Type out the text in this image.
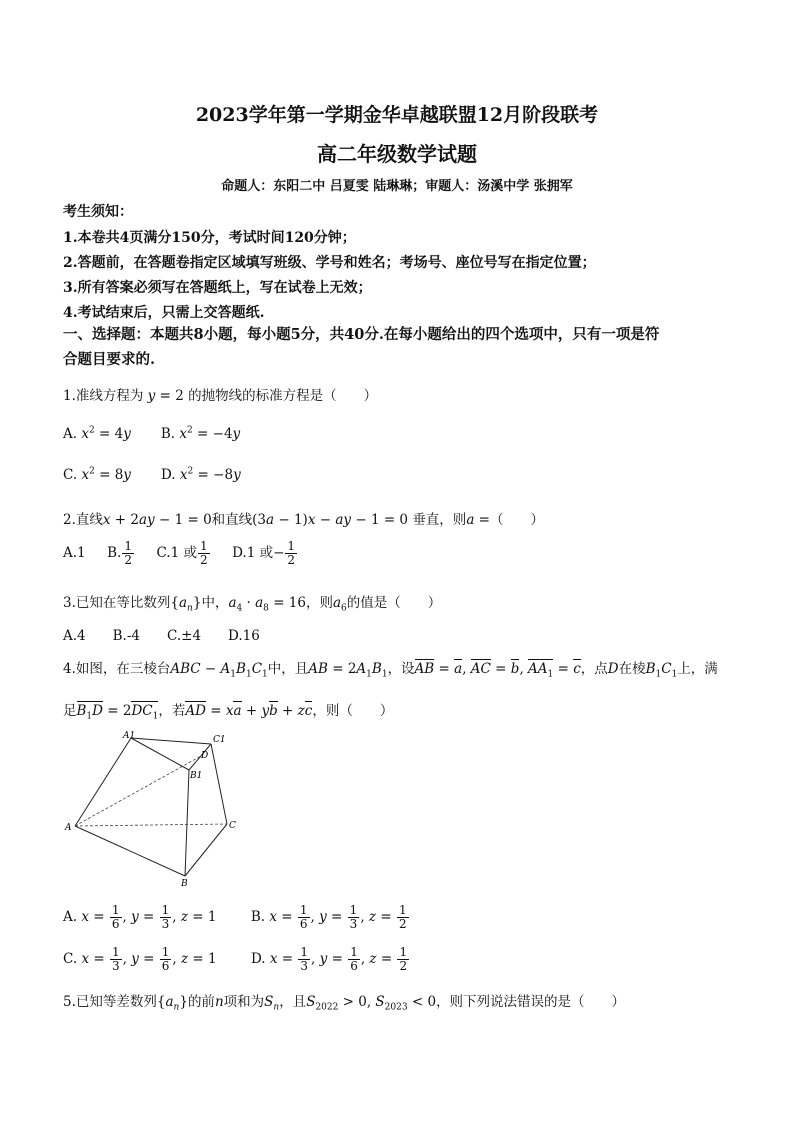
2023学年第一学期金华卓越联盟12月阶段联考
高二年级数学试题
命题人：东阳二中 吕夏雯 陆琳琳；审题人：汤溪中学 张拥军
考生须知：
1.本卷共4页满分150分，考试时间120分钟；
2.答题前，在答题卷指定区域填写班级、学号和姓名；考场号、座位号写在指定位置；
3.所有答案必须写在答题纸上，写在试卷上无效；
4.考试结束后，只需上交答题纸.
一、选择题：本题共8小题，每小题5分，共40分.在每小题给出的四个选项中，只有一项是符
合题目要求的.
1.准线方程为 y = 2 的抛物线的标准方程是（　　）
A. $x^2 = 4y$ B. $x^2 = -4y$
C. $x^2 = 8y$ D. $x^2 = -8y$
2.直线x + 2ay − 1 = 0和直线(3a − 1)x − ay − 1 = 0 垂直，则a =（　　）
A.1 B. $\frac{1}{2} C.1$ 或 $\frac{1}{2} D.1$ 或− $\frac{1}{2}$
3.已知在等比数列$\{a_n\}$中，$a_4 \cdot a_8 = 16$，则$a_6$的值是（　　）
A.4　　B.-4　　C.±4　　D.16
4.如图，在三棱台ABC − $A_1B_1C_1$中，且AB = $2A_1B_1$，设AB = a, AC = b, $AA_1 = c$，点D在棱$B_1C_1$上，满
足$B_1D = 2DC_1$，若AD = xa + yb + zc，则（　　）
A1	C1
D
B1
A	C
B
A. $x = \frac{1}{6}$ , $y = \frac{1}{3}$ , z = 1	B. $x = \frac{1}{6}$ , $y = \frac{1}{3}$ , $z = \frac{1}{2}$
C. $x = \frac{1}{3}$ , $y = \frac{1}{6}$ , z = 1	D. $x = \frac{1}{3}$ , $y = \frac{1}{6}$ , $z = \frac{1}{2}$
5.已知等差数列$\{a_n\}$的前n项和为$S_n$，且$S_{2022} > 0$, $S_{2023} < 0$，则下列说法错误的是（　　）
